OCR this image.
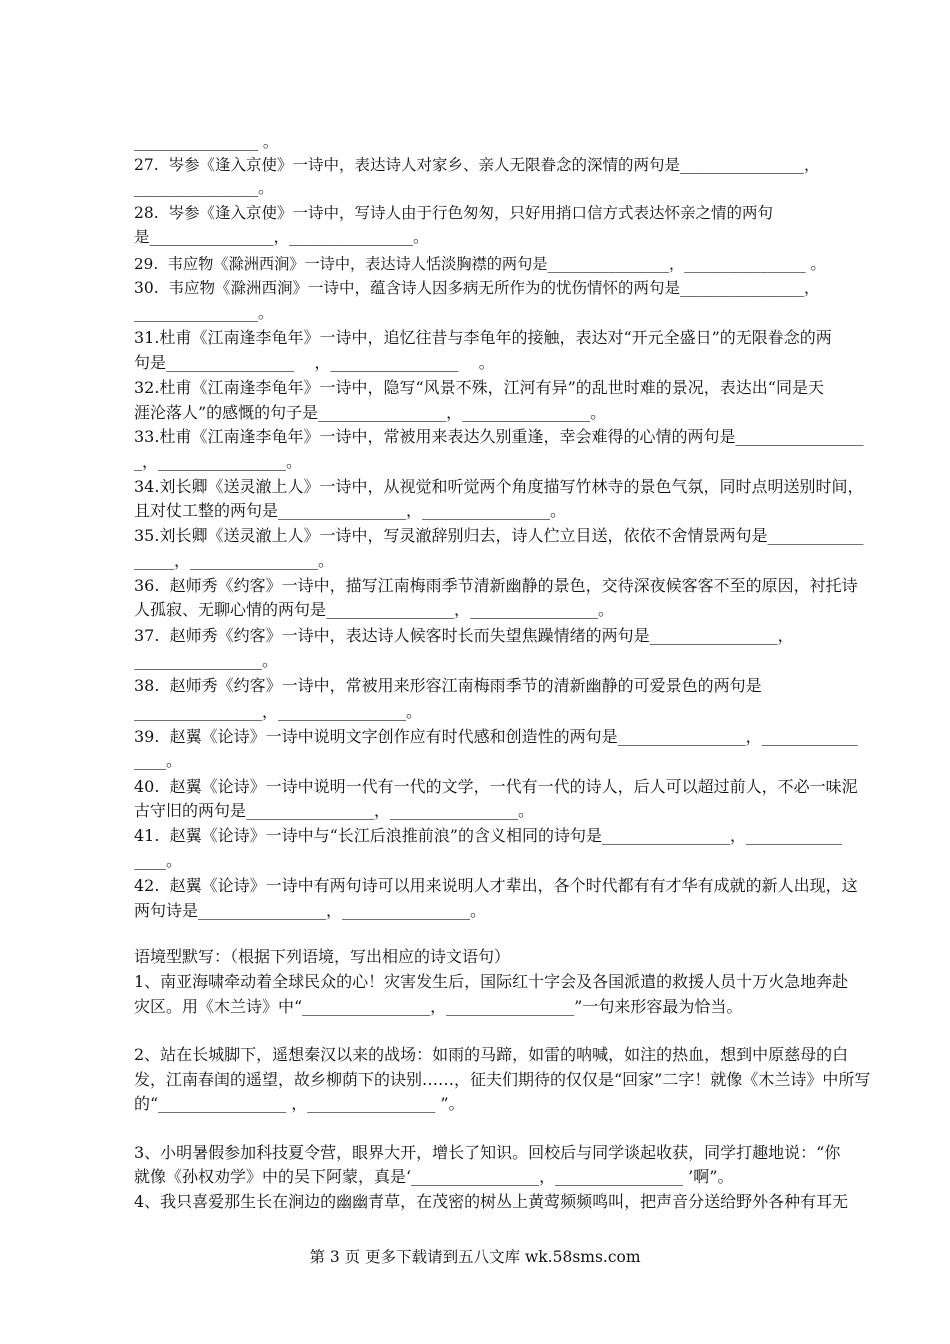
________________ 。
27.  岑参《逢入京使》一诗中，表达诗人对家乡、亲人无限眷念的深情的两句是________________，
________________。
28.  岑参《逢入京使》一诗中，写诗人由于行色匆匆，只好用捎口信方式表达怀亲之情的两句
是________________，________________。
29.  韦应物《滁洲西涧》一诗中，表达诗人恬淡胸襟的两句是________________，________________ 。
30.  韦应物《滁洲西涧》一诗中，蕴含诗人因多病无所作为的忧伤情怀的两句是________________，
________________。
31.杜甫《江南逢李龟年》一诗中，追忆往昔与李龟年的接触，表达对“开元全盛日”的无限眷念的两
句是________________    ，________________    。
32.杜甫《江南逢李龟年》一诗中，隐写“风景不殊，江河有异”的乱世时难的景况，表达出“同是天
涯沦落人”的感慨的句子是________________，________________。
33.杜甫《江南逢李龟年》一诗中，常被用来表达久别重逢，幸会难得的心情的两句是________________
_，________________。
34.刘长卿《送灵澈上人》一诗中，从视觉和听觉两个角度描写竹林寺的景色气氛，同时点明送别时间，
且对仗工整的两句是________________，________________。
35.刘长卿《送灵澈上人》一诗中，写灵澈辞别归去，诗人伫立目送，依依不舍情景两句是____________
_____，________________。
36.  赵师秀《约客》一诗中，描写江南梅雨季节清新幽静的景色，交待深夜候客客不至的原因，衬托诗
人孤寂、无聊心情的两句是________________，________________。
37.  赵师秀《约客》一诗中，表达诗人候客时长而失望焦躁情绪的两句是________________，
________________。
38.  赵师秀《约客》一诗中，常被用来形容江南梅雨季节的清新幽静的可爱景色的两句是
________________，________________。
39.  赵翼《论诗》一诗中说明文字创作应有时代感和创造性的两句是________________，____________
____。
40.  赵翼《论诗》一诗中说明一代有一代的文学，一代有一代的诗人，后人可以超过前人，不必一味泥
古守旧的两句是________________，________________。
41.  赵翼《论诗》一诗中与“长江后浪推前浪”的含义相同的诗句是________________，____________
____。
42.  赵翼《论诗》一诗中有两句诗可以用来说明人才辈出，各个时代都有有才华有成就的新人出现，这
两句诗是________________，________________。
语境型默写：（根据下列语境，写出相应的诗文语句）
1、南亚海啸牵动着全球民众的心！灾害发生后，国际红十字会及各国派遣的救援人员十万火急地奔赴
灾区。用《木兰诗》中“________________，________________”一句来形容最为恰当。
2、站在长城脚下，遥想秦汉以来的战场：如雨的马蹄，如雷的呐喊，如注的热血，想到中原慈母的白
发，江南春闺的遥望，故乡柳荫下的诀别……，征夫们期待的仅仅是“回家”二字！就像《木兰诗》中所写
的“________________ ，________________ ”。
3、小明暑假参加科技夏令营，眼界大开，增长了知识。回校后与同学谈起收获，同学打趣地说：“你
就像《孙权劝学》中的吴下阿蒙，真是‘________________，________________ ’啊”。
4、我只喜爱那生长在涧边的幽幽青草，在茂密的树丛上黄莺频频鸣叫，把声音分送给野外各种有耳无
第 3 页 更多下载请到五八文库 wk.58sms.com
